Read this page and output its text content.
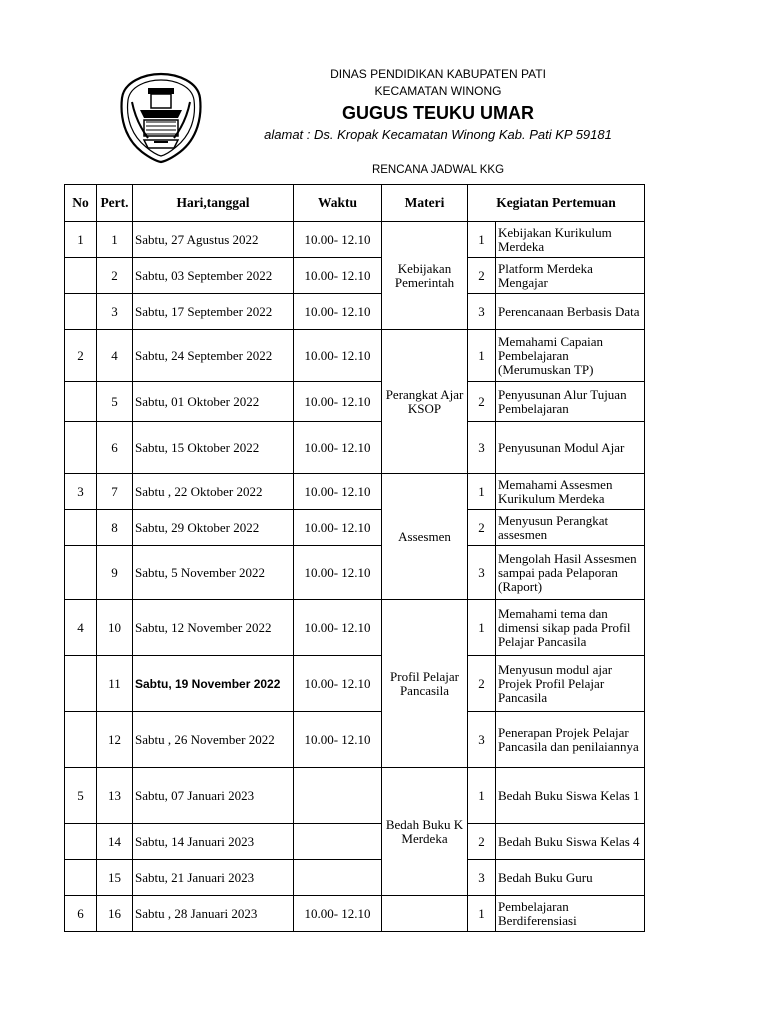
DINAS PENDIDIKAN KABUPATEN PATI
KECAMATAN WINONG
GUGUS TEUKU UMAR
alamat : Ds. Kropak Kecamatan Winong Kab. Pati KP 59181
RENCANA JADWAL KKG
No	Pert.	Hari,tanggal	Waktu	Materi	Kegiatan Pertemuan	
1	1	Sabtu, 27 Agustus 2022	10.00- 12.10	Kebijakan Pemerintah	1	Kebijakan Kurikulum Merdeka
	2	Sabtu, 03 September 2022	10.00- 12.10		2	Platform Merdeka Mengajar
	3	Sabtu, 17 September 2022	10.00- 12.10		3	Perencanaan Berbasis Data
2	4	Sabtu, 24 September 2022	10.00- 12.10	Perangkat Ajar KSOP	1	Memahami Capaian Pembelajaran (Merumuskan TP)
	5	Sabtu, 01 Oktober 2022	10.00- 12.10		2	Penyusunan Alur Tujuan Pembelajaran
	6	Sabtu, 15 Oktober 2022	10.00- 12.10		3	Penyusunan Modul Ajar
3	7	Sabtu , 22 Oktober 2022	10.00- 12.10	Assesmen	1	Memahami Assesmen Kurikulum Merdeka
	8	Sabtu, 29 Oktober 2022	10.00- 12.10		2	Menyusun Perangkat assesmen
	9	Sabtu, 5 November 2022	10.00- 12.10		3	Mengolah Hasil Assesmen sampai pada Pelaporan (Raport)
4	10	Sabtu, 12 November 2022	10.00- 12.10	Profil Pelajar Pancasila	1	Memahami tema dan dimensi sikap pada Profil Pelajar Pancasila
	11	Sabtu, 19 November 2022	10.00- 12.10		2	Menyusun modul ajar Projek Profil Pelajar Pancasila
	12	Sabtu , 26 November 2022	10.00- 12.10		3	Penerapan Projek Pelajar Pancasila dan penilaiannya
5	13	Sabtu, 07 Januari 2023		Bedah Buku K Merdeka	1	Bedah Buku Siswa Kelas 1
	14	Sabtu, 14 Januari 2023			2	Bedah Buku Siswa Kelas 4
	15	Sabtu, 21 Januari 2023			3	Bedah Buku Guru
6	16	Sabtu , 28 Januari 2023	10.00- 12.10		1	Pembelajaran Berdiferensiasi
